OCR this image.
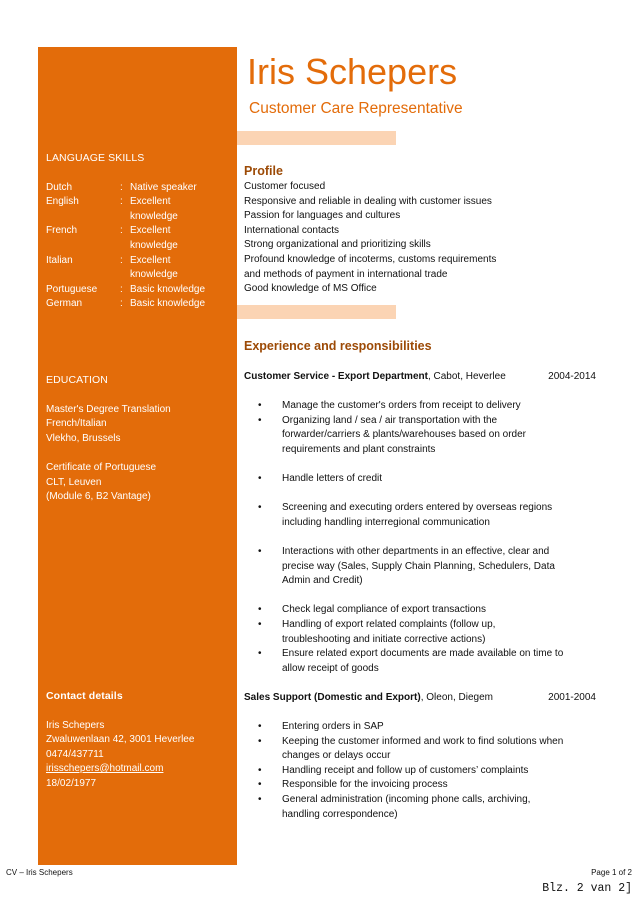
LANGUAGE SKILLS
Dutch	: Native speaker
English	: Excellent knowledge
French	: Excellent knowledge
Italian	: Excellent knowledge
Portuguese	: Basic knowledge
German	: Basic knowledge
EDUCATION
Master's Degree Translation
French/Italian
Vlekho, Brussels
Certificate of Portuguese
CLT, Leuven
(Module 6, B2 Vantage)
Contact details
Iris Schepers
Zwaluwenlaan 42, 3001 Heverlee
0474/437711
irisschepers@hotmail.com
18/02/1977
Iris Schepers
Customer Care Representative
Profile
Customer focused
Responsive and reliable in dealing with customer issues
Passion for languages and cultures
International contacts
Strong organizational and prioritizing skills
Profound knowledge of incoterms, customs requirements
and methods of payment in international trade
Good knowledge of MS Office
Experience and responsibilities
Customer Service - Export Department, Cabot, Heverlee	2004-2014
• Manage the customer's orders from receipt to delivery
• Organizing land / sea / air transportation with the
forwarder/carriers & plants/warehouses based on order
requirements and plant constraints
• Handle letters of credit
• Screening and executing orders entered by overseas regions
including handling interregional communication
• Interactions with other departments in an effective, clear and
precise way (Sales, Supply Chain Planning, Schedulers, Data
Admin and Credit)
• Check legal compliance of export transactions
• Handling of export related complaints (follow up,
troubleshooting and initiate corrective actions)
• Ensure related export documents are made available on time to
allow receipt of goods
Sales Support (Domestic and Export), Oleon, Diegem	2001-2004
• Entering orders in SAP
• Keeping the customer informed and work to find solutions when
changes or delays occur
• Handling receipt and follow up of customers’ complaints
• Responsible for the invoicing process
• General administration (incoming phone calls, archiving,
handling correspondence)
CV – Iris Schepers	Page 1 of 2
Blz. 2 van 2]
